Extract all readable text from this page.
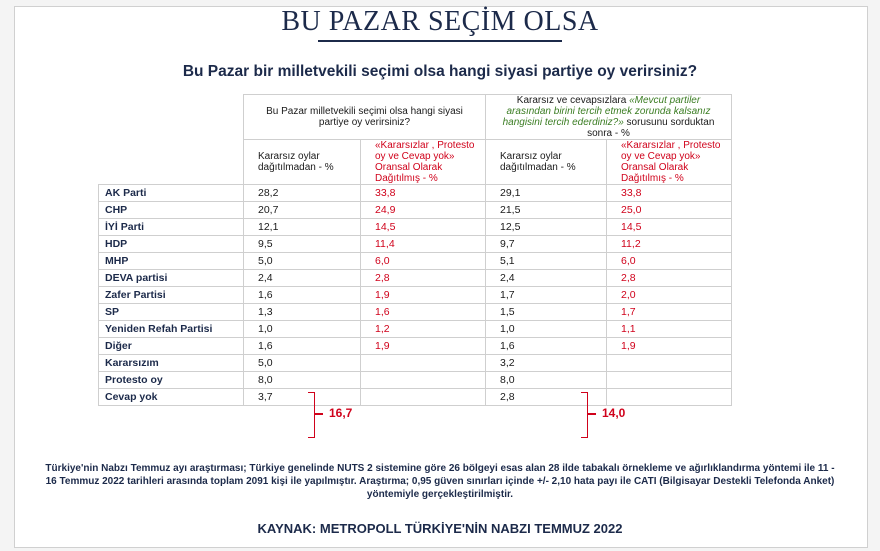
BU PAZAR SEÇİM OLSA
Bu Pazar bir milletvekili seçimi olsa hangi siyasi partiye oy verirsiniz?
	Bu Pazar milletvekili seçimi olsa hangi siyasi partiye oy verirsiniz?		Kararsız ve cevapsızlara «Mevcut partiler arasından birini tercih etmek zorunda kalsanız hangisini tercih ederdiniz?» sorusunu sorduktan sonra - %	
	Kararsız oylar dağıtılmadan - %	«Kararsızlar , Protesto oy ve Cevap yok» Oransal Olarak Dağıtılmış - %	Kararsız oylar dağıtılmadan - %	«Kararsızlar , Protesto oy ve Cevap yok» Oransal Olarak Dağıtılmış - %
AK Parti	28,2	33,8	29,1	33,8
CHP	20,7	24,9	21,5	25,0
İYİ Parti	12,1	14,5	12,5	14,5
HDP	9,5	11,4	9,7	11,2
MHP	5,0	6,0	5,1	6,0
DEVA partisi	2,4	2,8	2,4	2,8
Zafer Partisi	1,6	1,9	1,7	2,0
SP	1,3	1,6	1,5	1,7
Yeniden Refah Partisi	1,0	1,2	1,0	1,1
Diğer	1,6	1,9	1,6	1,9
Kararsızım	5,0		3,2	
Protesto oy	8,0		8,0	
Cevap yok	3,7		2,8	
16,7	14,0
Türkiye'nin Nabzı Temmuz ayı araştırması; Türkiye genelinde NUTS 2 sistemine göre 26 bölgeyi esas alan 28 ilde tabakalı örnekleme ve ağırlıklandırma yöntemi ile 11 - 16 Temmuz 2022 tarihleri arasında toplam 2091 kişi ile yapılmıştır. Araştırma; 0,95 güven sınırları içinde +/- 2,10 hata payı ile CATI (Bilgisayar Destekli Telefonda Anket) yöntemiyle gerçekleştirilmiştir.
KAYNAK: METROPOLL TÜRKİYE'NİN NABZI TEMMUZ 2022
